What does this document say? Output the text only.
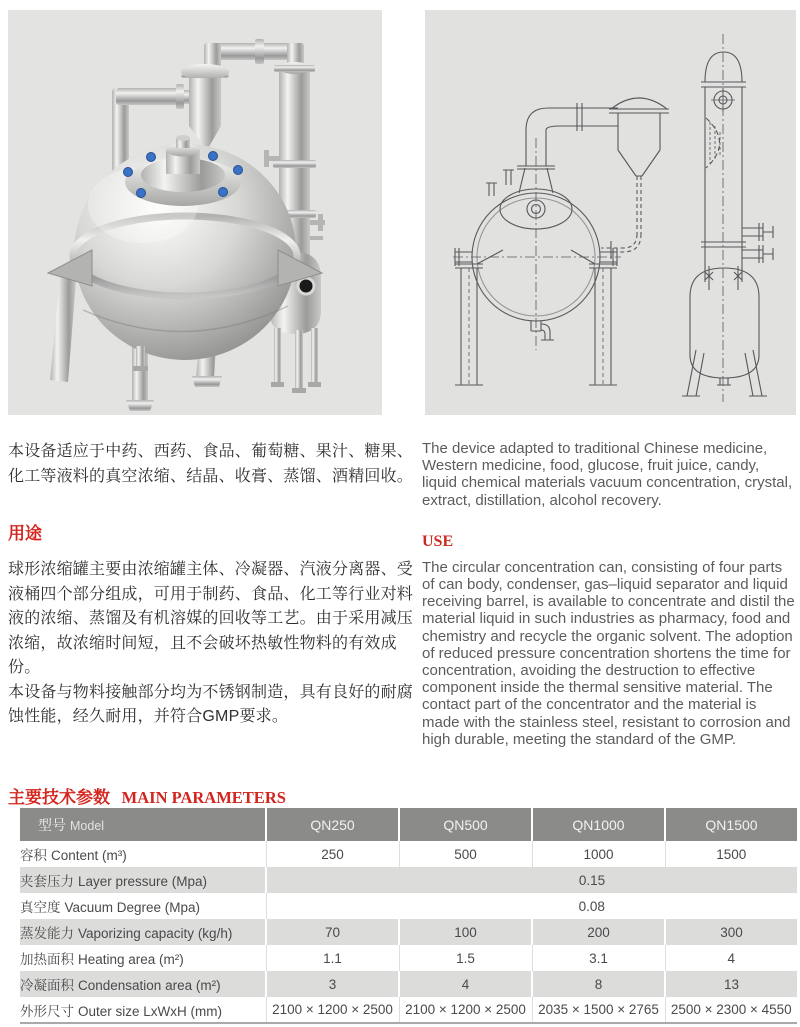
本设备适应于中药、西药、食品、葡萄糖、果汁、糖果、化工等液料的真空浓缩、结晶、收膏、蒸馏、酒精回收。

用途

球形浓缩罐主要由浓缩罐主体、冷凝器、汽液分离器、受液桶四个部分组成，可用于制药、食品、化工等行业对料液的浓缩、蒸馏及有机溶媒的回收等工艺。由于采用减压浓缩，故浓缩时间短，且不会破坏热敏性物料的有效成份。

本设备与物料接触部分均为不锈钢制造，具有良好的耐腐蚀性能，经久耐用，并符合GMP要求。

The device adapted to traditional Chinese medicine, Western medicine, food, glucose, fruit juice, candy, liquid chemical materials vacuum concentration, crystal, extract, distillation, alcohol recovery.

USE

The circular concentration can, consisting of four parts of can body, condenser, gas–liquid separator and liquid receiving barrel, is available to concentrate and distil the material liquid in such industries as pharmacy, food and chemistry and recycle the organic solvent. The adoption of reduced pressure concentration shortens the time for concentration, avoiding the destruction to effective component inside the thermal sensitive material. The contact part of the concentrator and the material is made with the stainless steel, resistant to corrosion and high durable, meeting the standard of the GMP.

主要技术参数 MAIN PARAMETERS
型号 Model	QN250	QN500	QN1000	QN1500
容积 Content (m³)	250	500	1000	1500
夹套压力 Layer pressure (Mpa)	0.15			
真空度 Vacuum Degree (Mpa)	0.08			
蒸发能力 Vaporizing capacity (kg/h)	70	100	200	300
加热面积 Heating area (m²)	1.1	1.5	3.1	4
冷凝面积 Condensation area (m²)	3	4	8	13
外形尺寸 Outer size LxWxH (mm)	2100 × 1200 × 2500	2100 × 1200 × 2500	2035 × 1500 × 2765	2500 × 2300 × 4550
